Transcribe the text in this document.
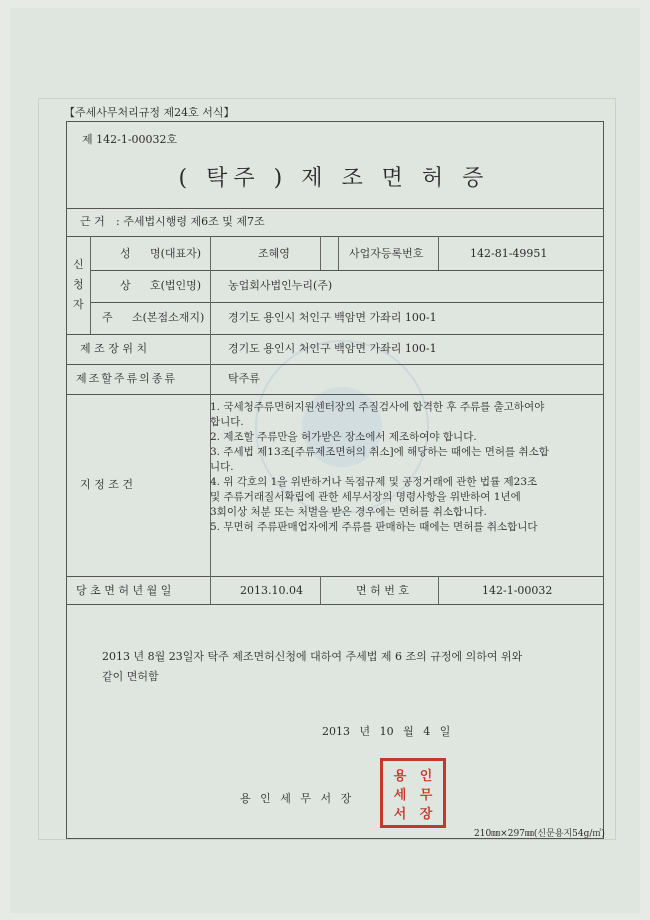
【주세사무처리규정 제24호 서식】
제 142-1-00032호
( 탁주 ) 제 조 면 허 증
근 거 : 주세법시행령 제6조 및 제7조
신
청
자
성 명(대표자)	조혜영	사업자등록번호	142-81-49951
상 호(법인명) 농업회사법인누리(주)
주 소(본점소재지) 경기도 용인시 처인구 백암면 가좌리 100-1
제 조 장 위 치	경기도 용인시 처인구 백암면 가좌리 100-1
제조할주류의종류	탁주류
지 정 조 건
1. 국세청주류면허지원센터장의 주질검사에 합격한 후 주류를 출고하여야
합니다.
2. 제조할 주류만을 허가받은 장소에서 제조하여야 합니다.
3. 주세법 제13조[주류제조면허의 취소]에 해당하는 때에는 면허를 취소합
니다.
4. 위 각호의 1을 위반하거나 독점규제 및 공정거래에 관한 법률 제23조
및 주류거래질서확립에 관한 세무서장의 명령사항을 위반하여 1년에
3회이상 처분 또는 처벌을 받은 경우에는 면허를 취소합니다.
5. 무면허 주류판매업자에게 주류를 판매하는 때에는 면허를 취소합니다
당 초 면 허 년 월 일	2013.10.04	면 허 번 호	142-1-00032
2013 년 8월 23일자 탁주 제조면허신청에 대하여 주세법 제 6 조의 규정에 의하여 위와
같이 면허함
2013 년 10 월 4 일
용 인 세 무 서 장
용	인
세	무
서	장
210㎜×297㎜(신문용지54g/㎡)
